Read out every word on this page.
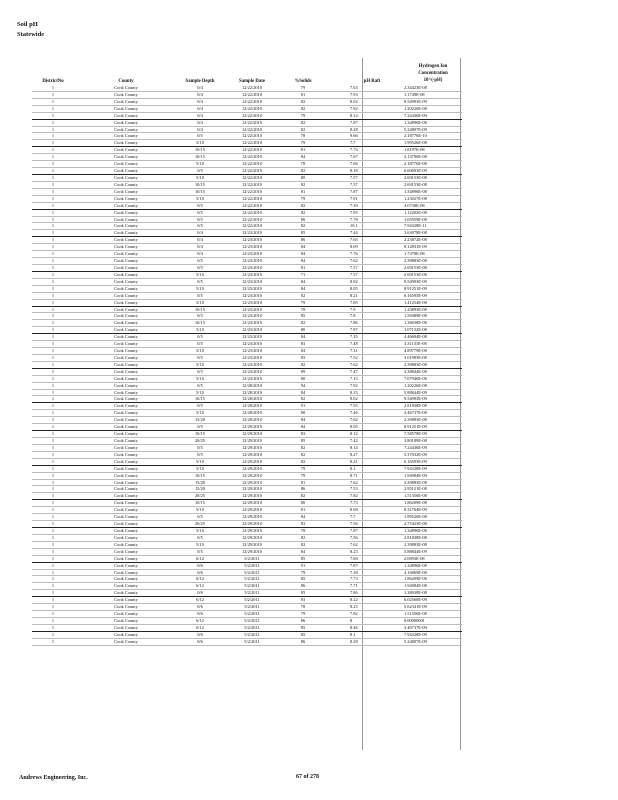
Soil pH
Statewide
DistrictNo	County	Sample Depth	Sample Date	%Solids	pH Raft
Hydrogen Ion
Concentration
10^(-pH)
1	Cook County	0/4	12/22/2010	79	7.63	2.34423E-08
1	Cook County	0/4	12/22/2010	81	7.93	1.1749E-08
1	Cook County	0/4	12/22/2010	82	8.02	9.54993E-09
1	Cook County	0/4	12/22/2010	82	7.92	1.20226E-08
1	Cook County	0/4	12/22/2010	79	8.14	7.24436E-09
1	Cook County	0/4	12/22/2010	82	7.87	1.34896E-08
1	Cook County	0/4	12/22/2010	82	8.28	5.24807E-09
1	Cook County	0/5	12/22/2010	78	9.66	2.18776E-10
1	Cook County	5/10	12/22/2010	79	7.7	1.99526E-08
1	Cook County	10/15	12/22/2010	81	7.74	1.8197E-08
1	Cook County	10/15	12/22/2010	84	7.67	2.13796E-08
1	Cook County	5/10	12/22/2010	78	7.66	2.18776E-08
1	Cook County	0/5	12/22/2010	82	8.18	6.60693E-09
1	Cook County	5/10	12/22/2010	80	7.57	2.69153E-08
1	Cook County	10/15	12/22/2010	82	7.57	2.69153E-08
1	Cook County	10/15	12/22/2010	81	7.87	1.34896E-08
1	Cook County	5/10	12/22/2010	79	7.91	1.23027E-08
1	Cook County	0/5	12/22/2010	82	7.39	4.0738E-08
1	Cook County	0/5	12/22/2010	82	7.95	1.12202E-08
1	Cook County	0/5	12/22/2010	86	7.78	1.65959E-08
1	Cook County	0/5	12/22/2010	82	10.1	7.94328E-11
1	Cook County	0/4	12/23/2010	85	7.44	3.63078E-08
1	Cook County	0/4	12/23/2010	86	7.65	2.23872E-08
1	Cook County	0/4	12/23/2010	84	8.09	8.12831E-09
1	Cook County	0/4	12/23/2010	84	7.76	1.7378E-08
1	Cook County	0/5	12/23/2010	84	7.62	2.39883E-08
1	Cook County	0/5	12/23/2010	81	7.57	2.69153E-08
1	Cook County	5/10	12/23/2010	71	7.57	2.69153E-08
1	Cook County	0/5	12/23/2010	84	8.02	9.54993E-09
1	Cook County	5/10	12/23/2010	84	8.05	8.91251E-09
1	Cook County	0/5	12/23/2010	82	8.21	6.16595E-09
1	Cook County	5/10	12/23/2010	79	7.85	1.41254E-08
1	Cook County	10/15	12/23/2010	78	7.9	1.25893E-08
1	Cook County	0/5	12/23/2010	85	7.8	1.58489E-08
1	Cook County	10/15	12/23/2010	82	7.86	1.38038E-08
1	Cook County	5/10	12/23/2010	80	7.97	1.07152E-08
1	Cook County	0/5	12/23/2010	84	7.35	4.46684E-08
1	Cook County	0/5	12/23/2010	83	7.48	3.31131E-08
1	Cook County	5/10	12/23/2010	84	7.31	4.89779E-08
1	Cook County	0/5	12/23/2010	83	7.52	3.01995E-08
1	Cook County	5/10	12/23/2010	82	7.62	2.39883E-08
1	Cook County	0/5	12/23/2010	89	7.47	3.38844E-08
1	Cook County	5/10	12/23/2010	80	7.15	7.07946E-08
1	Cook County	0/5	12/28/2010	94	7.92	1.20226E-08
1	Cook County	5/10	12/28/2010	84	8.23	5.88844E-09
1	Cook County	10/15	12/28/2010	82	8.02	9.54993E-09
1	Cook County	0/5	12/28/2010	91	7.55	2.81838E-08
1	Cook County	5/10	12/28/2010	80	7.46	3.46737E-08
1	Cook County	15/20	12/28/2010	84	7.62	2.39883E-08
1	Cook County	0/5	12/29/2010	84	8.05	8.91251E-09
1	Cook County	10/15	12/29/2010	83	8.12	7.58578E-09
1	Cook County	20/25	12/29/2010	85	7.42	3.80189E-08
1	Cook County	0/5	12/29/2010	82	8.14	7.24436E-09
1	Cook County	0/5	12/29/2010	82	8.27	5.37032E-09
1	Cook County	5/10	12/29/2010	82	8.21	6.16595E-09
1	Cook County	5/10	12/29/2010	79	8.1	7.94328E-09
1	Cook County	10/15	12/29/2010	79	8.71	1.94984E-09
1	Cook County	15/20	12/29/2010	81	7.62	2.39883E-08
1	Cook County	15/20	12/29/2010	86	7.53	2.95121E-08
1	Cook County	20/25	12/29/2010	82	7.82	1.51356E-08
1	Cook County	10/15	12/29/2010	80	7.73	1.86209E-08
1	Cook County	5/10	12/29/2010	81	8.08	8.31764E-09
1	Cook County	0/5	12/29/2010	84	7.7	1.99526E-08
1	Cook County	20/25	12/29/2010	83	7.56	2.75423E-08
1	Cook County	5/10	12/29/2010	78	7.87	1.34896E-08
1	Cook County	0/5	12/29/2010	82	7.56	2.81838E-08
1	Cook County	5/10	12/29/2010	82	7.62	2.39883E-08
1	Cook County	0/5	12/29/2010	84	8.23	5.88844E-09
1	Cook County	6/12	5/2/2011	85	7.68	2.0893E-08
1	Cook County	0/6	5/2/2011	91	7.87	1.34896E-08
1	Cook County	0/6	5/2/2011	79	7.38	4.16869E-08
1	Cook County	6/12	5/2/2011	85	7.73	1.86209E-08
1	Cook County	6/12	5/2/2011	86	7.71	1.94984E-08
1	Cook County	0/6	5/2/2011	85	7.86	1.38038E-08
1	Cook County	6/12	5/2/2011	83	8.22	6.02560E-09
1	Cook County	0/6	5/2/2011	78	8.25	5.62341E-09
1	Cook County	0/6	5/2/2011	79	7.82	1.51356E-08
1	Cook County	6/12	5/2/2011	86	8	0.00000001
1	Cook County	6/12	5/2/2011	85	8.46	3.46737E-09
1	Cook County	0/6	5/2/2011	85	8.1	7.94328E-09
1	Cook County	0/6	5/2/2011	86	8.28	5.24807E-09
Andrews Engineering, Inc.	67 of 278
